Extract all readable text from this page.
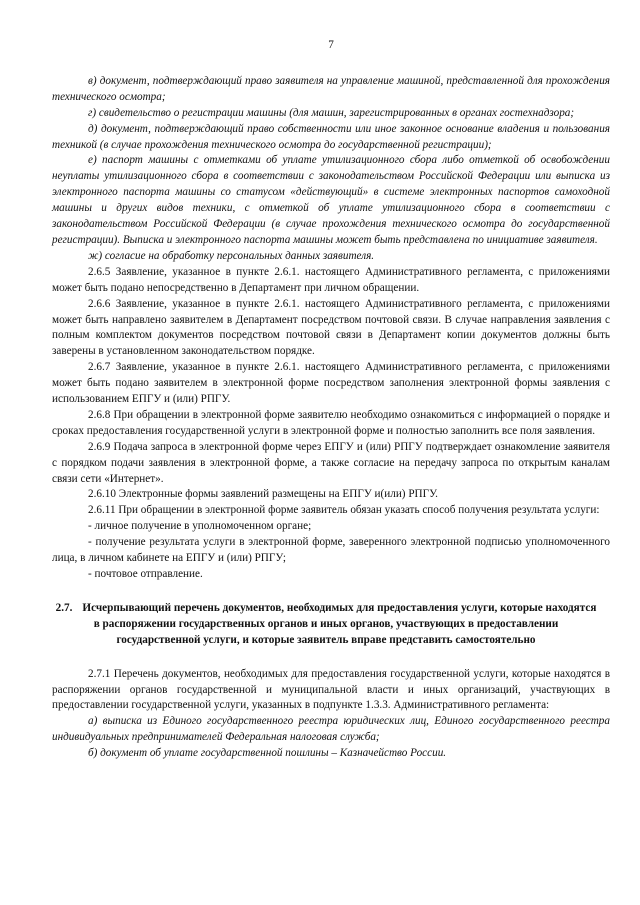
7

в) документ, подтверждающий право заявителя на управление машиной, представленной для прохождения технического осмотра;

г) свидетельство о регистрации машины (для машин, зарегистрированных в органах гостехнадзора;

д) документ, подтверждающий право собственности или иное законное основание владения и пользования техникой (в случае прохождения технического осмотра до государственной регистрации);

е) паспорт машины с отметками об уплате утилизационного сбора либо отметкой об освобождении неуплаты утилизационного сбора в соответствии с законодательством Российской Федерации или выписка из электронного паспорта машины со статусом «действующий» в системе электронных паспортов самоходной машины и других видов техники, с отметкой об уплате утилизационного сбора в соответствии с законодательством Российской Федерации (в случае прохождения технического осмотра до государственной регистрации). Выписка и электронного паспорта машины может быть представлена по инициативе заявителя.

ж) согласие на обработку персональных данных заявителя.

2.6.5 Заявление, указанное в пункте 2.6.1. настоящего Административного регламента, с приложениями может быть подано непосредственно в Департамент при личном обращении.

2.6.6 Заявление, указанное в пункте 2.6.1. настоящего Административного регламента, с приложениями может быть направлено заявителем в Департамент посредством почтовой связи. В случае направления заявления с полным комплектом документов посредством почтовой связи в Департамент копии документов должны быть заверены в установленном законодательством порядке.

2.6.7 Заявление, указанное в пункте 2.6.1. настоящего Административного регламента, с приложениями может быть подано заявителем в электронной форме посредством заполнения электронной формы заявления с использованием ЕПГУ и (или) РПГУ.

2.6.8 При обращении в электронной форме заявителю необходимо ознакомиться с информацией о порядке и сроках предоставления государственной услуги в электронной форме и полностью заполнить все поля заявления.

2.6.9 Подача запроса в электронной форме через ЕПГУ и (или) РПГУ подтверждает ознакомление заявителя с порядком подачи заявления в электронной форме, а также согласие на передачу запроса по открытым каналам связи сети «Интернет».

2.6.10 Электронные формы заявлений размещены на ЕПГУ и(или) РПГУ.

2.6.11 При обращении в электронной форме заявитель обязан указать способ получения результата услуги:

- личное получение в уполномоченном органе;

- получение результата услуги в электронной форме, заверенного электронной подписью уполномоченного лица, в личном кабинете на ЕПГУ и (или) РПГУ;

- почтовое отправление.

2.7. Исчерпывающий перечень документов, необходимых для предоставления услуги, которые находятся в распоряжении государственных органов и иных органов, участвующих в предоставлении государственной услуги, и которые заявитель вправе представить самостоятельно

2.7.1 Перечень документов, необходимых для предоставления государственной услуги, которые находятся в распоряжении органов государственной и муниципальной власти и иных организаций, участвующих в предоставлении государственной услуги, указанных в подпункте 1.3.3. Административного регламента:

а) выписка из Единого государственного реестра юридических лиц, Единого государственного реестра индивидуальных предпринимателей Федеральная налоговая служба;

б) документ об уплате государственной пошлины – Казначейство России.
